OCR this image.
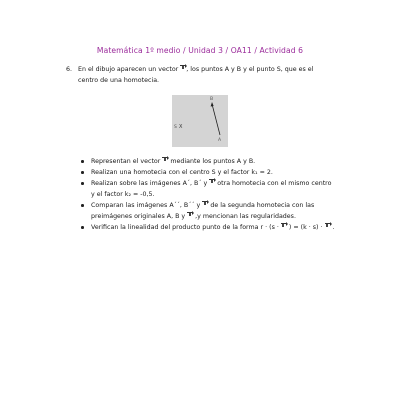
Matemática 1º medio / Unidad 3 / OA11 / Actividad 6
6. En el dibujo aparecen un vector , los puntos A y B y el punto S, que es el
centro de una homotecia.
B
A
S X
Representan el vector mediante los puntos A y B.
Realizan una homotecia con el centro S y el factor k₁ = 2.
Realizan sobre las imágenes A´, B´ y otra homotecia con el mismo centro
y el factor k₂ = -0,5.
Comparan las imágenes A´´, B´´ y de la segunda homotecia con las
preimágenes originales A, B y ,y mencionan las regularidades.
Verifican la linealidad del producto punto de la forma r · (s · ) = (k · s) · .
